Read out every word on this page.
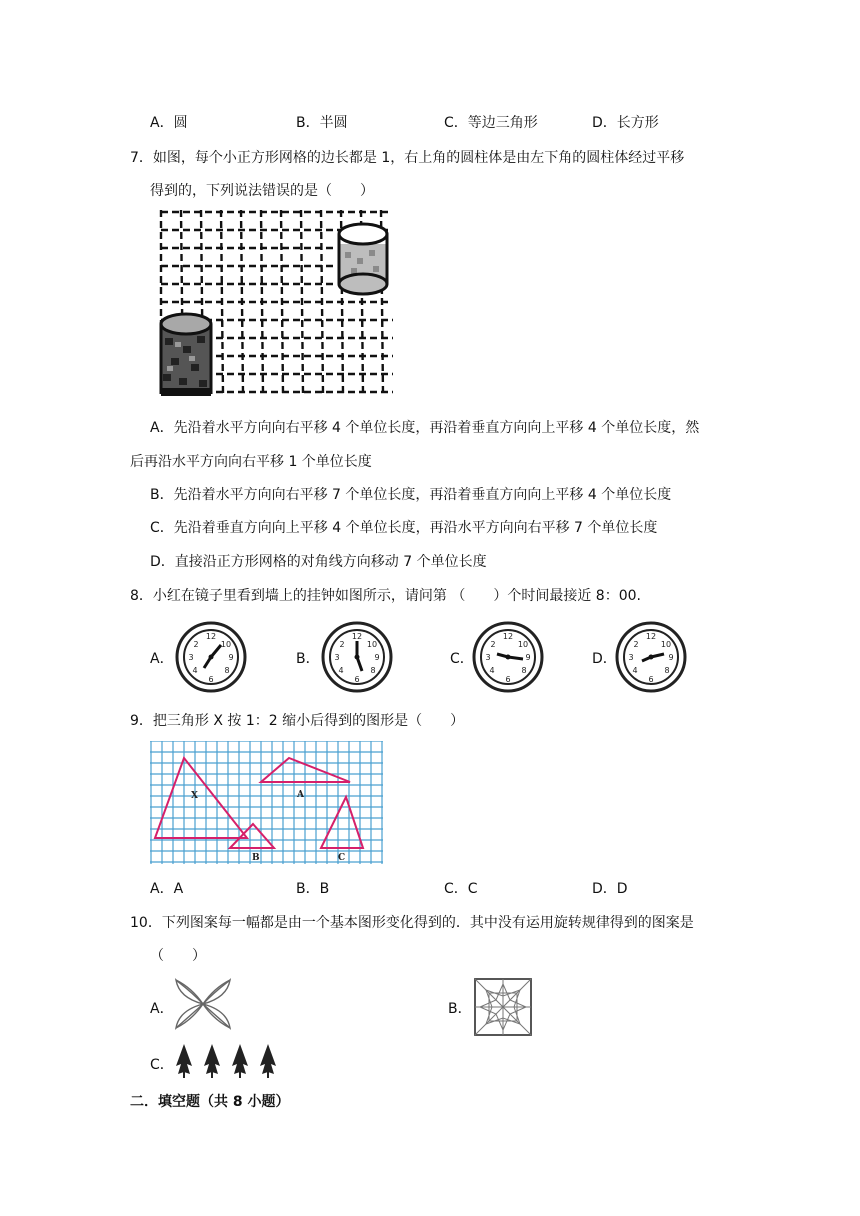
A．圆	B．半圆	C．等边三角形	D．长方形
7．如图，每个小正方形网格的边长都是 1，右上角的圆柱体是由左下角的圆柱体经过平移
得到的，下列说法错误的是（　　）
A．先沿着水平方向向右平移 4 个单位长度，再沿着垂直方向向上平移 4 个单位长度，然
后再沿水平方向向右平移 1 个单位长度
B．先沿着水平方向向右平移 7 个单位长度，再沿着垂直方向向上平移 4 个单位长度
C．先沿着垂直方向向上平移 4 个单位长度，再沿水平方向向右平移 7 个单位长度
D．直接沿正方形网格的对角线方向移动 7 个单位长度
8．小红在镜子里看到墙上的挂钟如图所示，请问第 （　　）个时间最接近 8：00.
A．	B．	C．	D．
12
10
9
8
6
4
3
2
12
10
9
8
6
4
3
2
12
10
9
8
6
4
3
2
12
10
9
8
6
4
3
2
9．把三角形 X 按 1：2 缩小后得到的图形是（　　）
X	A
B	C
A．A	B．B	C．C	D．D
10．下列图案每一幅都是由一个基本图形变化得到的．其中没有运用旋转规律得到的图案是
（　　）
A．	B．
C．
二．填空题（共 8 小题）
